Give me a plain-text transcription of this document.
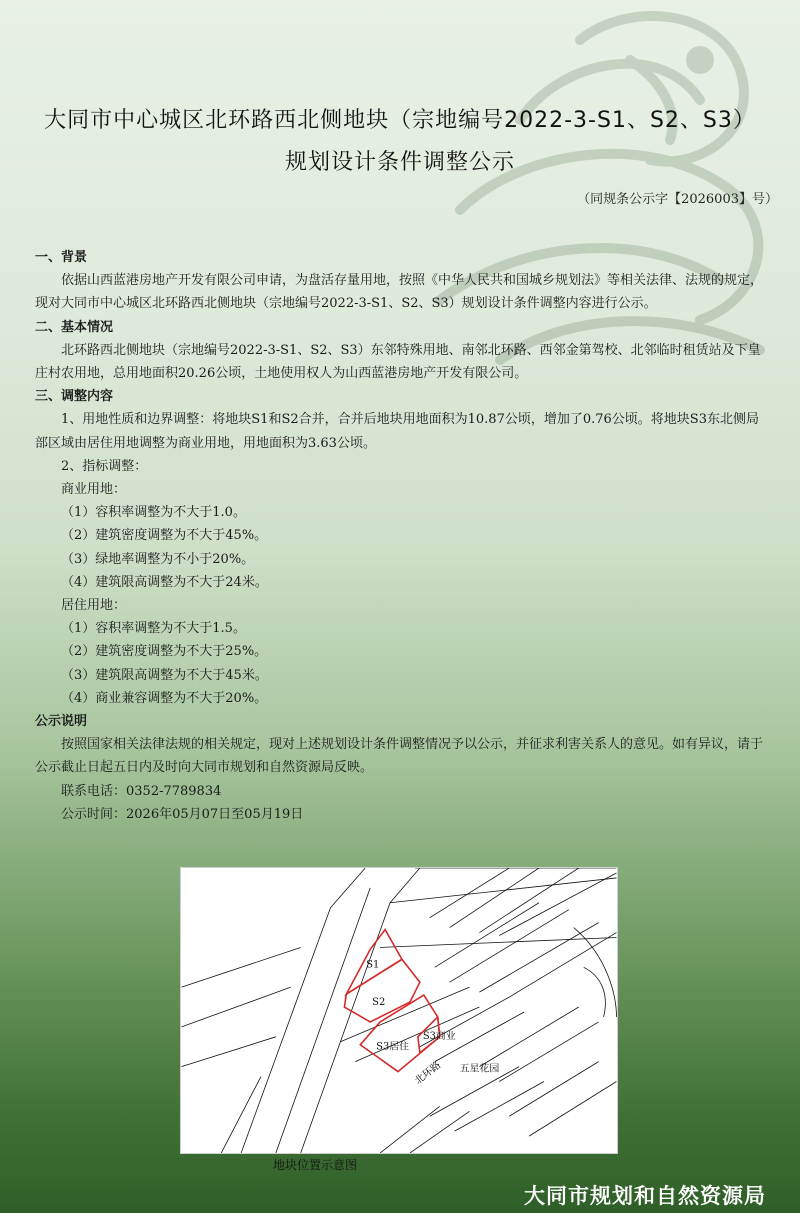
大同市中心城区北环路西北侧地块（宗地编号2022-3-S1、S2、S3）
规划设计条件调整公示
（同规条公示字【2026003】号）
一、背景
依据山西蓝港房地产开发有限公司申请，为盘活存量用地，按照《中华人民共和国城乡规划法》等相关法律、法规的规定，现对大同市中心城区北环路西北侧地块（宗地编号2022-3-S1、S2、S3）规划设计条件调整内容进行公示。
二、基本情况
北环路西北侧地块（宗地编号2022-3-S1、S2、S3）东邻特殊用地、南邻北环路、西邻金第驾校、北邻临时租赁站及下皇庄村农用地，总用地面积20.26公顷，土地使用权人为山西蓝港房地产开发有限公司。
三、调整内容
1、用地性质和边界调整：将地块S1和S2合并，合并后地块用地面积为10.87公顷，增加了0.76公顷。将地块S3东北侧局部区域由居住用地调整为商业用地，用地面积为3.63公顷。
2、指标调整：
商业用地：
（1）容积率调整为不大于1.0。
（2）建筑密度调整为不大于45%。
（3）绿地率调整为不小于20%。
（4）建筑限高调整为不大于24米。
居住用地：
（1）容积率调整为不大于1.5。
（2）建筑密度调整为不大于25%。
（3）建筑限高调整为不大于45米。
（4）商业兼容调整为不大于20%。
公示说明
按照国家相关法律法规的相关规定，现对上述规划设计条件调整情况予以公示，并征求利害关系人的意见。如有异议，请于公示截止日起五日内及时向大同市规划和自然资源局反映。
联系电话：0352-7789834
公示时间：2026年05月07日至05月19日
S1
S2
S3居住
S3商业
北环路 五星花园
地块位置示意图
大同市规划和自然资源局
